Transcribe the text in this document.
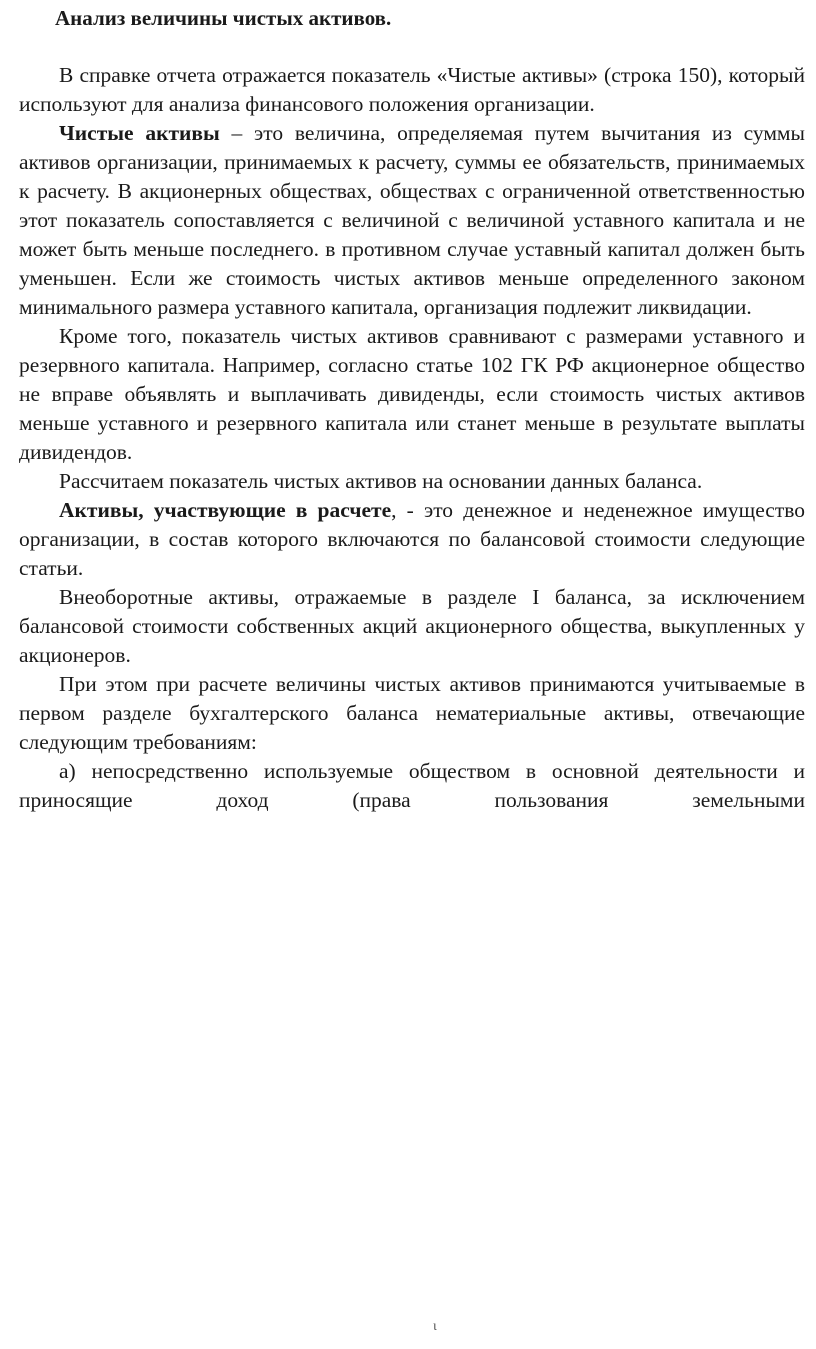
Анализ величины чистых активов.

В справке отчета отражается показатель «Чистые активы» (строка 150), который используют для анализа финансового положения организации.

Чистые активы – это величина, определяемая путем вычитания из суммы активов организации, принимаемых к расчету, суммы ее обязательств, принимаемых к расчету. В акционерных обществах, обществах с ограниченной ответственностью этот показатель сопоставляется с величиной с величиной уставного капитала и не может быть меньше последнего. в противном случае уставный капитал должен быть уменьшен. Если же стоимость чистых активов меньше определенного законом минимального размера уставного капитала, организация подлежит ликвидации.

Кроме того, показатель чистых активов сравнивают с размерами уставного и резервного капитала. Например, согласно статье 102 ГК РФ акционерное общество не вправе объявлять и выплачивать дивиденды, если стоимость чистых активов меньше уставного и резервного капитала или станет меньше в результате выплаты дивидендов.

Рассчитаем показатель чистых активов на основании данных баланса.

Активы, участвующие в расчете, - это денежное и неденежное имущество организации, в состав которого включаются по балансовой стоимости следующие статьи.

Внеоборотные активы, отражаемые в разделе I баланса, за исключением балансовой стоимости собственных акций акционерного общества, выкупленных у акционеров.

При этом при расчете величины чистых активов принимаются учитываемые в первом разделе бухгалтерского баланса нематериальные активы, отвечающие следующим требованиям:

а) непосредственно используемые обществом в основной деятельности и приносящие доход (права пользования земельными

ι
